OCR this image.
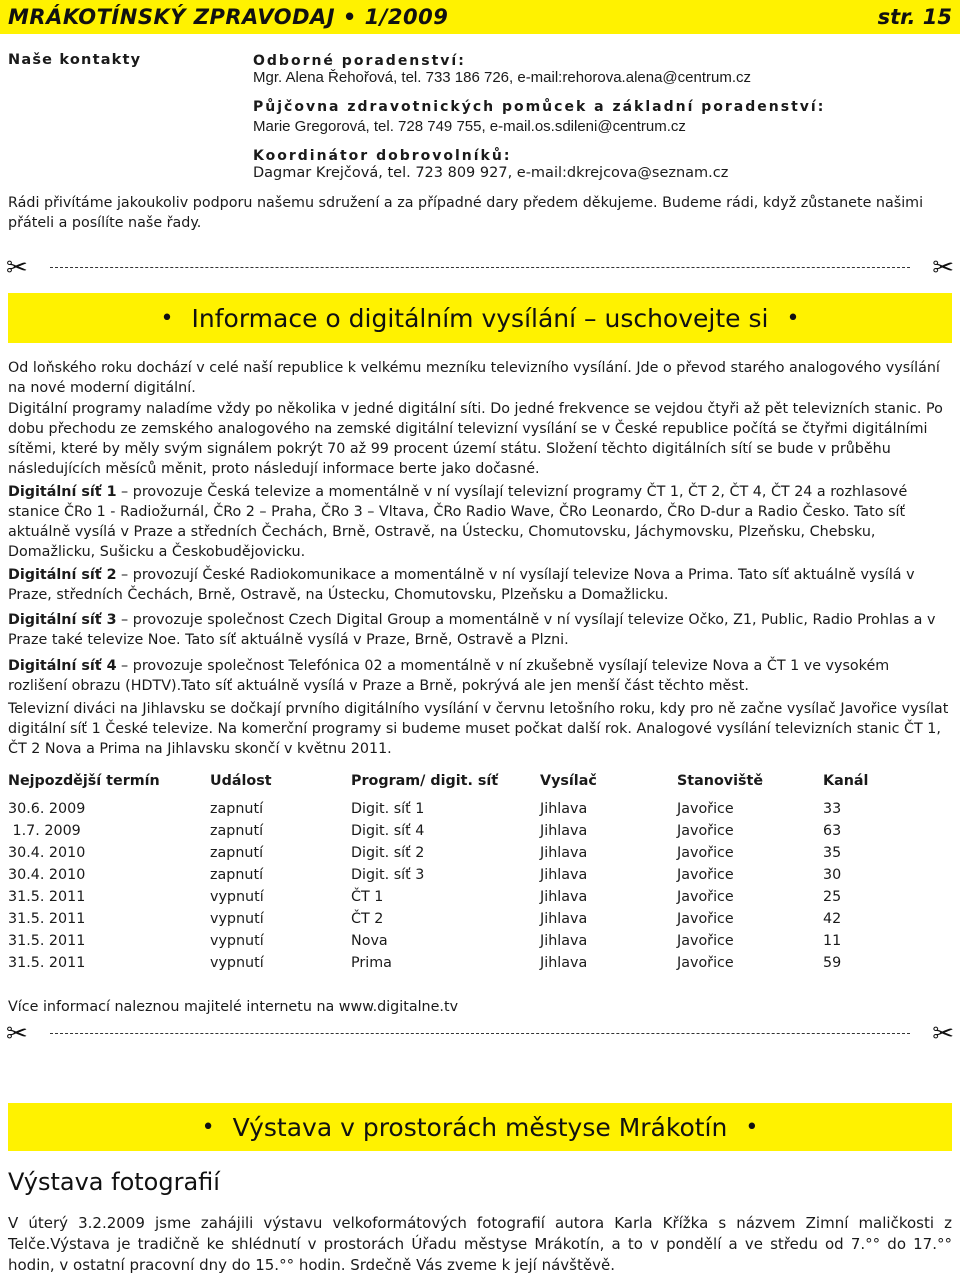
MRÁKOTÍNSKÝ ZPRAVODAJ • 1/2009	str. 15
Naše kontakty	Odborné poradenství:
Mgr. Alena Řehořová, tel. 733 186 726, e-mail:rehorova.alena@centrum.cz
Půjčovna zdravotnických pomůcek a základní poradenství:
Marie Gregorová, tel. 728 749 755, e-mail.os.sdileni@centrum.cz
Koordinátor dobrovolníků:
Dagmar Krejčová, tel. 723 809 927, e-mail:dkrejcova@seznam.cz
Rádi přivítáme jakoukoliv podporu našemu sdružení a za případné dary předem děkujeme. Budeme rádi, když zůstanete našimi přáteli a posílíte naše řady.
✂	✂
• Informace o digitálním vysílání – uschovejte si •

Od loňského roku dochází v celé naší republice k velkému mezníku televizního vysílání. Jde o převod starého analogového vysílání na nové moderní digitální.

Digitální programy naladíme vždy po několika v jedné digitální síti. Do jedné frekvence se vejdou čtyři až pět televizních stanic. Po dobu přechodu ze zemského analogového na zemské digitální televizní vysílání se v České republice počítá se čtyřmi digitálními sítěmi, které by měly svým signálem pokrýt 70 až 99 procent území státu. Složení těchto digitálních sítí se bude v průběhu následujících měsíců měnit, proto následují informace berte jako dočasné.

Digitální síť 1 – provozuje Česká televize a momentálně v ní vysílají televizní programy ČT 1, ČT 2, ČT 4, ČT 24 a rozhlasové stanice ČRo 1 - Radiožurnál, ČRo 2 – Praha, ČRo 3 – Vltava, ČRo Radio Wave, ČRo Leonardo, ČRo D-dur a Radio Česko. Tato síť aktuálně vysílá v Praze a středních Čechách, Brně, Ostravě, na Ústecku, Chomutovsku, Jáchymovsku, Plzeňsku, Chebsku, Domažlicku, Sušicku a Českobudějovicku.

Digitální síť 2 – provozují České Radiokomunikace a momentálně v ní vysílají televize Nova a Prima. Tato síť aktuálně vysílá v Praze, středních Čechách, Brně, Ostravě, na Ústecku, Chomutovsku, Plzeňsku a Domažlicku.

Digitální síť 3 – provozuje společnost Czech Digital Group a momentálně v ní vysílají televize Očko, Z1, Public, Radio Prohlas a v Praze také televize Noe. Tato síť aktuálně vysílá v Praze, Brně, Ostravě a Plzni.

Digitální síť 4 – provozuje společnost Telefónica 02 a momentálně v ní zkušebně vysílají televize Nova a ČT 1 ve vysokém rozlišení obrazu (HDTV).Tato síť aktuálně vysílá v Praze a Brně, pokrývá ale jen menší část těchto měst.

Televizní diváci na Jihlavsku se dočkají prvního digitálního vysílání v červnu letošního roku, kdy pro ně začne vysílač Javořice vysílat digitální síť 1 České televize. Na komerční programy si budeme muset počkat další rok. Analogové vysílání televizních stanic ČT 1, ČT 2 Nova a Prima na Jihlavsku skončí v květnu 2011.

Nejpozdější termín	Událost	Program/ digit. síť	Vysílač	Stanoviště	Kanál
30.6. 2009	zapnutí	Digit. síť 1	Jihlava	Javořice	33
1.7. 2009	zapnutí	Digit. síť 4	Jihlava	Javořice	63
30.4. 2010	zapnutí	Digit. síť 2	Jihlava	Javořice	35
30.4. 2010	zapnutí	Digit. síť 3	Jihlava	Javořice	30
31.5. 2011	vypnutí	ČT 1	Jihlava	Javořice	25
31.5. 2011	vypnutí	ČT 2	Jihlava	Javořice	42
31.5. 2011	vypnutí	Nova	Jihlava	Javořice	11
31.5. 2011	vypnutí	Prima	Jihlava	Javořice	59

Více informací naleznou majitelé internetu na www.digitalne.tv

✂	✂
• Výstava v prostorách městyse Mrákotín •
Výstava fotografií
V úterý 3.2.2009 jsme zahájili výstavu velkoformátových fotografií autora Karla Křížka s názvem Zimní maličkosti z Telče.Výstava je tradičně ke shlédnutí v prostorách Úřadu městyse Mrákotín, a to v pondělí a ve středu od 7.°° do 17.°° hodin, v ostatní pracovní dny do 15.°° hodin. Srdečně Vás zveme k její návštěvě.
